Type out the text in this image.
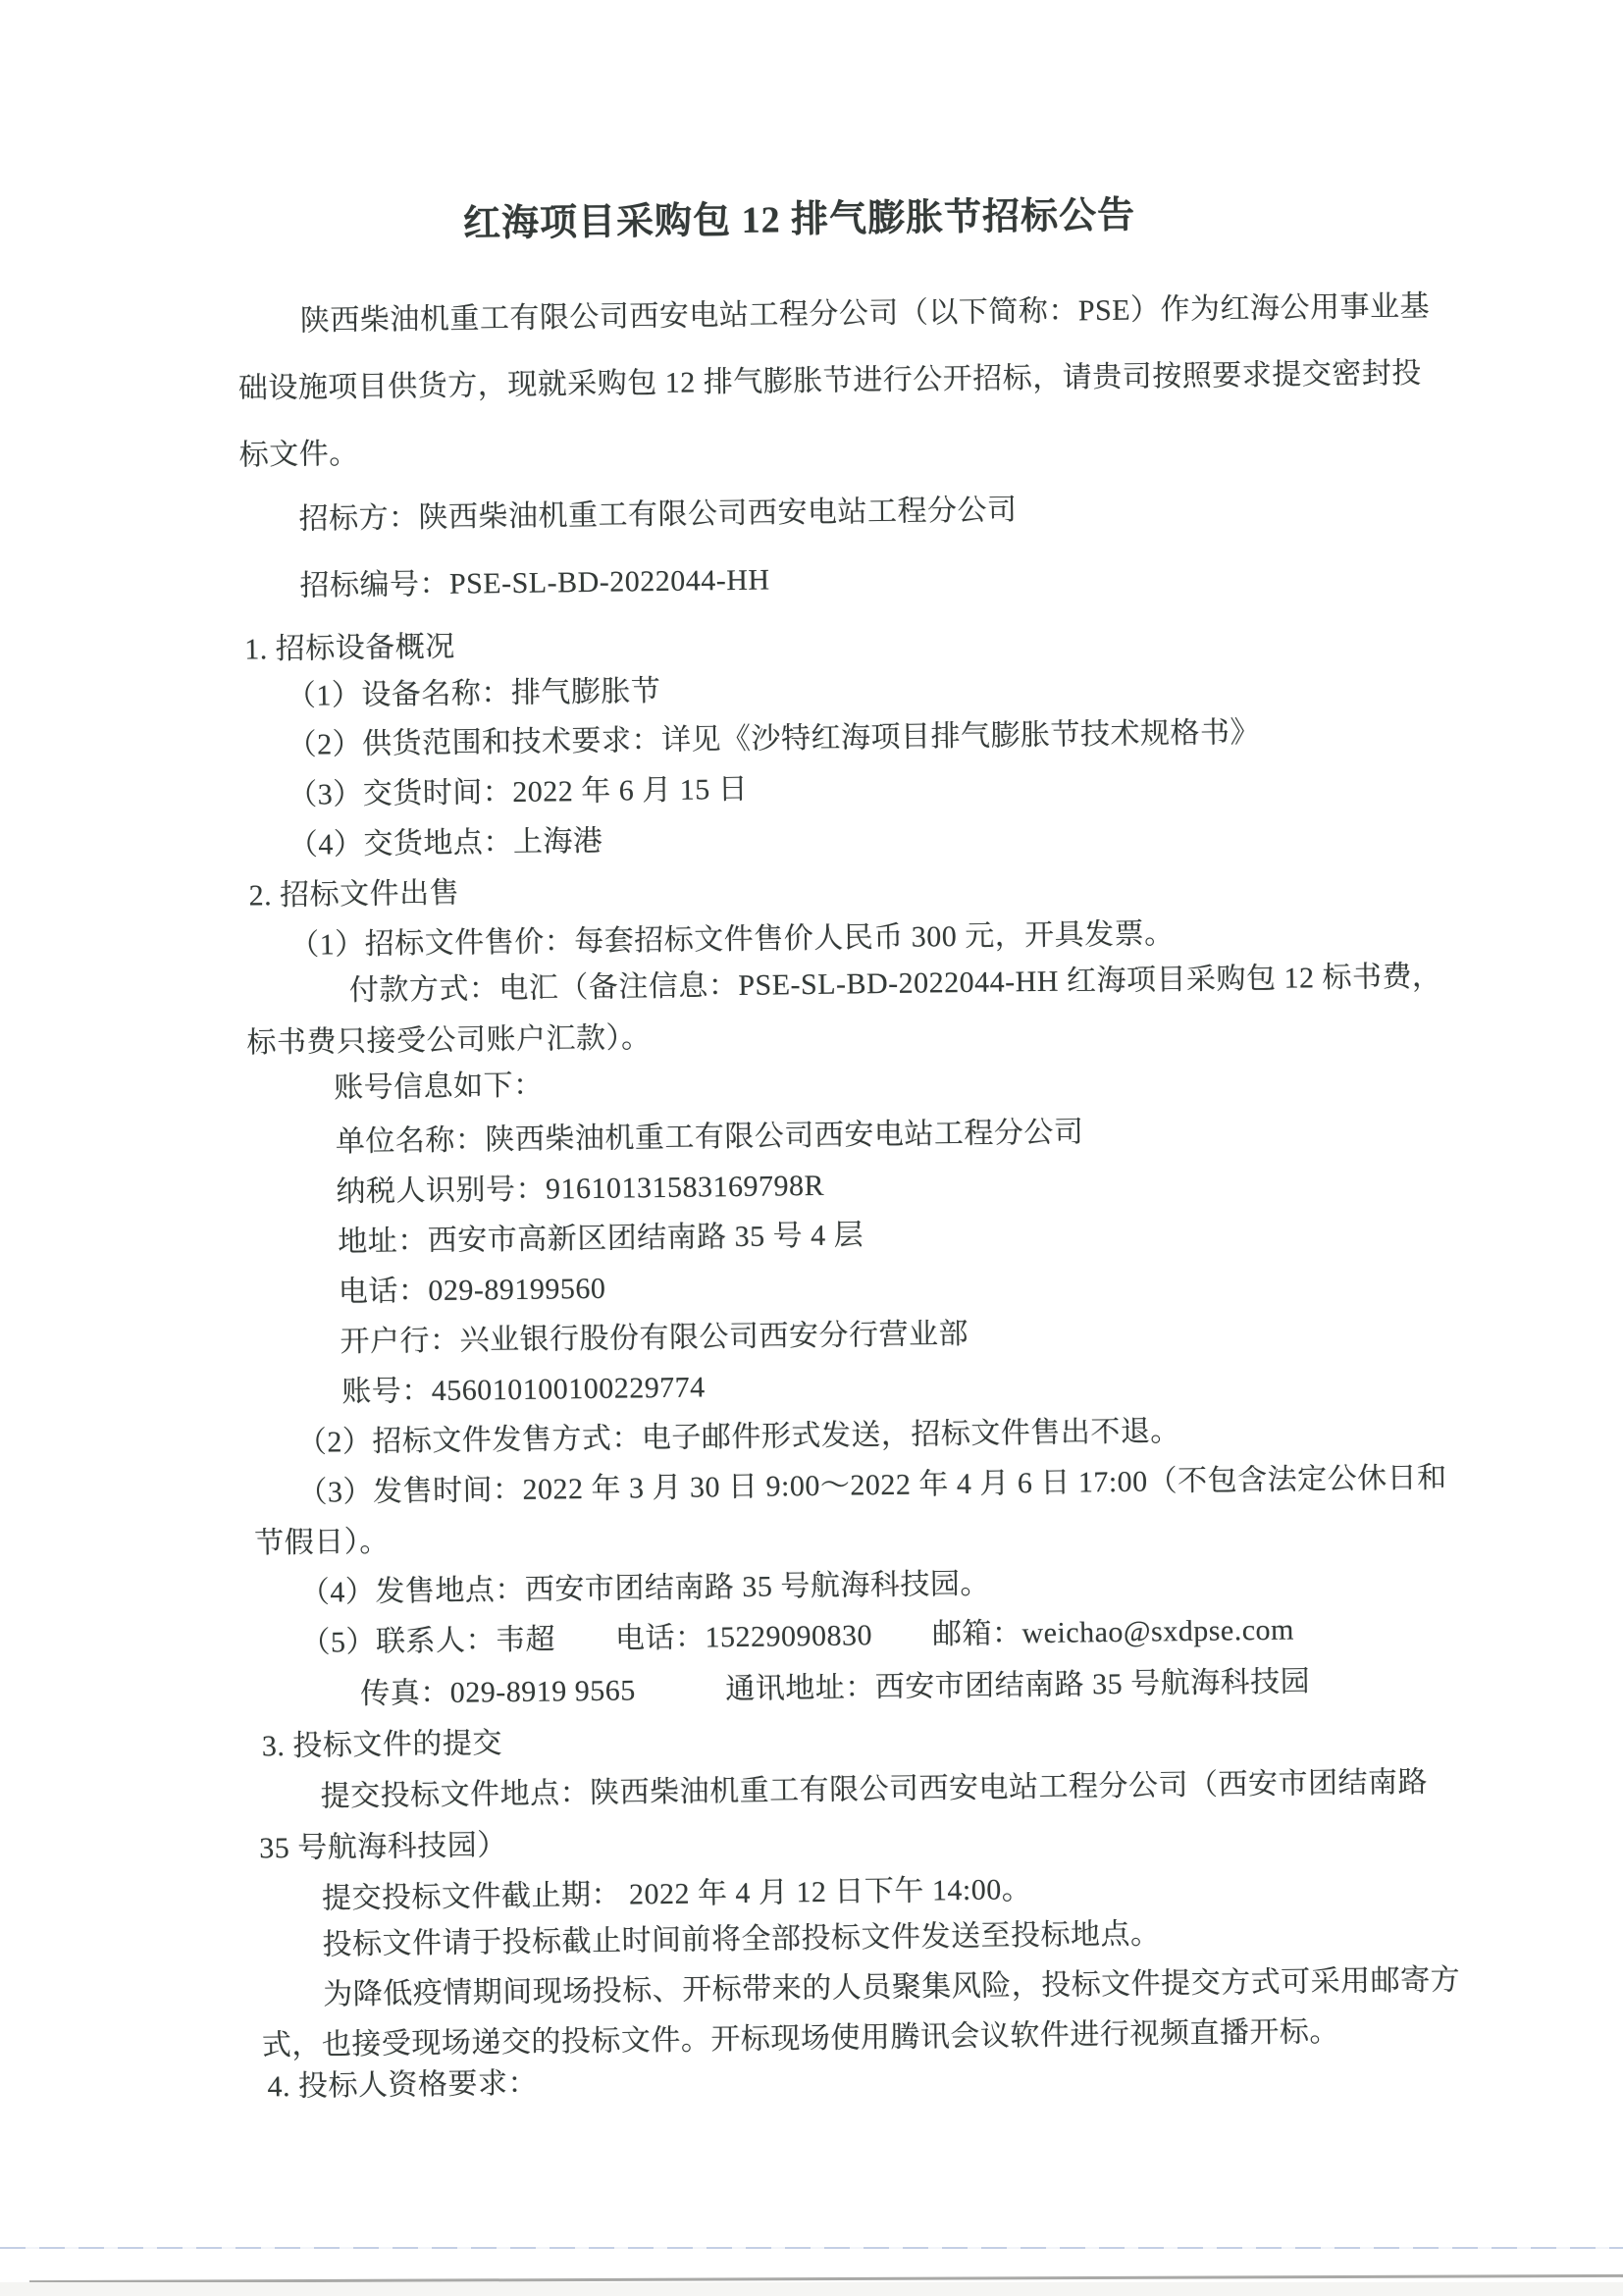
红海项目采购包 12 排气膨胀节招标公告
陕西柴油机重工有限公司西安电站工程分公司（以下简称：PSE）作为红海公用事业基
础设施项目供货方，现就采购包 12 排气膨胀节进行公开招标，请贵司按照要求提交密封投
标文件。
招标方：陕西柴油机重工有限公司西安电站工程分公司
招标编号：PSE-SL-BD-2022044-HH
1. 招标设备概况
（1）设备名称：排气膨胀节
（2）供货范围和技术要求：详见《沙特红海项目排气膨胀节技术规格书》
（3）交货时间：2022 年 6 月 15 日
（4）交货地点：上海港
2. 招标文件出售
（1）招标文件售价：每套招标文件售价人民币 300 元，开具发票。
付款方式：电汇（备注信息：PSE-SL-BD-2022044-HH 红海项目采购包 12 标书费，
标书费只接受公司账户汇款）。
账号信息如下：
单位名称：陕西柴油机重工有限公司西安电站工程分公司
纳税人识别号：91610131583169798R
地址：西安市高新区团结南路 35 号 4 层
电话：029-89199560
开户行：兴业银行股份有限公司西安分行营业部
账号：456010100100229774
（2）招标文件发售方式：电子邮件形式发送，招标文件售出不退。
（3）发售时间：2022 年 3 月 30 日 9:00～2022 年 4 月 6 日 17:00（不包含法定公休日和
节假日）。
（4）发售地点：西安市团结南路 35 号航海科技园。
（5）联系人：韦超　　电话：15229090830　　邮箱：weichao@sxdpse.com
传真：029-8919 9565　　　通讯地址：西安市团结南路 35 号航海科技园
3. 投标文件的提交
提交投标文件地点：陕西柴油机重工有限公司西安电站工程分公司（西安市团结南路
35 号航海科技园）
提交投标文件截止期： 2022 年 4 月 12 日下午 14:00。
投标文件请于投标截止时间前将全部投标文件发送至投标地点。
为降低疫情期间现场投标、开标带来的人员聚集风险，投标文件提交方式可采用邮寄方
式，也接受现场递交的投标文件。开标现场使用腾讯会议软件进行视频直播开标。
4. 投标人资格要求：
